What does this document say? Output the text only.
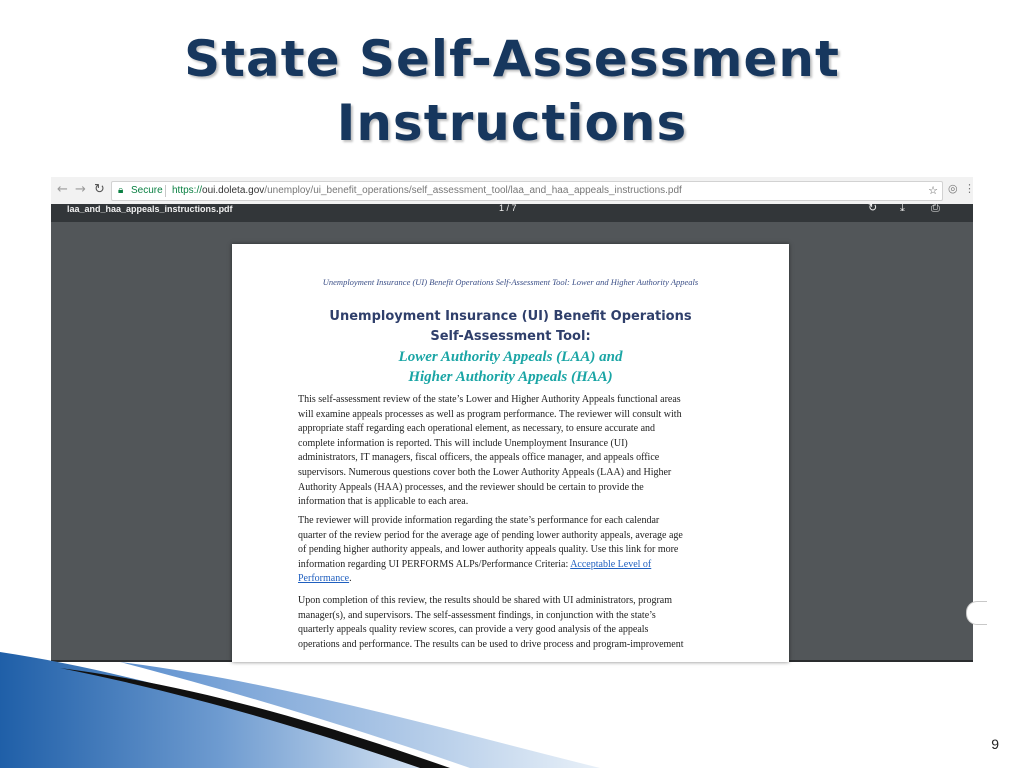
State Self-Assessment
Instructions
← → ↻ 🔒︎ Secure https://oui.doleta.gov/unemploy/ui_benefit_operations/self_assessment_tool/laa_and_haa_appeals_instructions.pdf	☆ ◎ ⋮
laa_and_haa_appeals_instructions.pdf	1 / 7	↻ ⤓ ⎙
Unemployment Insurance (UI) Benefit Operations Self-Assessment Tool: Lower and Higher Authority Appeals
Unemployment Insurance (UI) Benefit Operations
Self-Assessment Tool:
Lower Authority Appeals (LAA) and
Higher Authority Appeals (HAA)
This self-assessment review of the state’s Lower and Higher Authority Appeals functional areas
will examine appeals processes as well as program performance. The reviewer will consult with
appropriate staff regarding each operational element, as necessary, to ensure accurate and
complete information is reported. This will include Unemployment Insurance (UI)
administrators, IT managers, fiscal officers, the appeals office manager, and appeals office
supervisors. Numerous questions cover both the Lower Authority Appeals (LAA) and Higher
Authority Appeals (HAA) processes, and the reviewer should be certain to provide the
information that is applicable to each area.
The reviewer will provide information regarding the state’s performance for each calendar
quarter of the review period for the average age of pending lower authority appeals, average age
of pending higher authority appeals, and lower authority appeals quality. Use this link for more
information regarding UI PERFORMS ALPs/Performance Criteria: Acceptable Level of
Performance.
Upon completion of this review, the results should be shared with UI administrators, program
manager(s), and supervisors. The self-assessment findings, in conjunction with the state’s
quarterly appeals quality review scores, can provide a very good analysis of the appeals
operations and performance. The results can be used to drive process and program-improvement
9
